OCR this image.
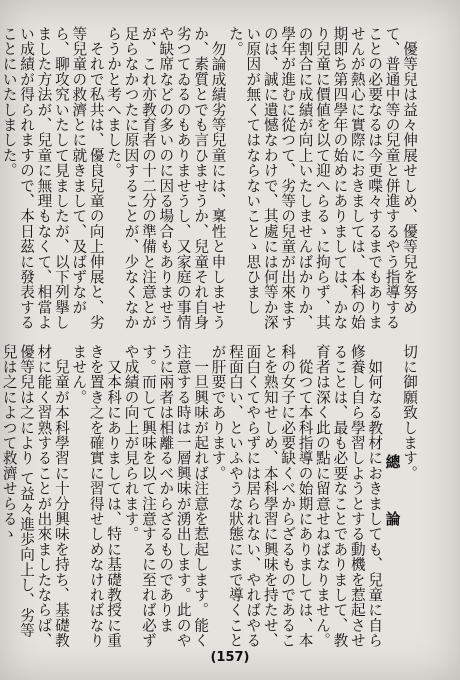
　優等兒は益々伸展せしめ、優等兒を努めて、普通中等の兒童と併進するやう指導することの必要なるは今更喋々するまでもありませんが熱心に實際におきましては、本科の始期即ち第四學年の始めにありましては、かなり兒童に價値を以て迎へらるゝに拘らず、其の割合に成績が向上いたしませんばかりか、學年が進むに從つて、劣等の兒童が出來ますのは、誠に遺憾なわけで、其處には何等か深い原因が無くてはならないことゝ思ひました。
　勿論成績劣等兒童には、稟性と申しませうか、素質とでも言ひませうか、兒童それ自身劣つてゐるのもありませうし、又家庭の事情や缺席などの多いのに因る場合もありませうが、これ亦教育者の十二分の準備と注意とが足らなかつたに原因することが、少なくなからうかと考へました。
　それで私共は、優良兒童の向上伸展と、劣等兒童の救濟とに就きまして、及ばずながら、聊攻究いたして見ましたが、以下列擧しました方法が、兒童に無理もなくて、相當よい成績が得られますので、本日茲に發表することにいたしました。

切に御願致します。
總　論
　如何なる教材におきましても、兒童に自ら修養し自ら學習しようとする動機を惹起させることは、最も必要なことでありまして、教育者は深く此の點に留意せねばなりません。
　從つて本科指導の始期にありましては、本科の女子に必要缺くべからざるものであることを熟知せしめ、本科學習に興味を持たせ、面白くてやらずには居られない、やればやる程面白い、といふやうな狀態にまで導くことが肝要であります。
　一旦興味が起れば注意を惹起します。能く注意する時は一層興味が湧出します。此のやうに兩者は相離るべからざるものであります。而して興味を以て注意するに至れば必ずや成績の向上が見られます。
　又本科にありましては、特に基礎教授に重きを置き之を確實に習得せしめなければなりません。
　兒童が本科學習に十分興味を持ち、基礎教材に能く習熟することが出來ましたならば、優等兒は之により て益々進歩向上し、劣等兒は之によつて救濟せらるゝ
(157)
